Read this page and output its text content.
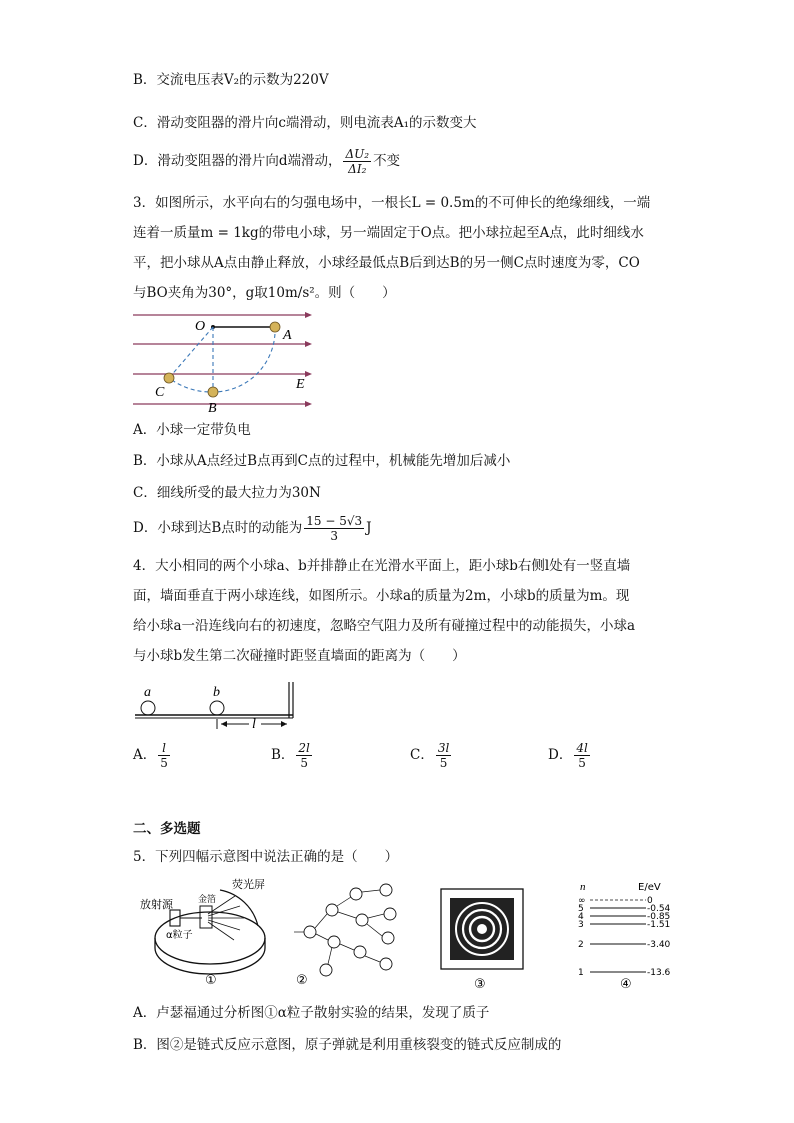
B．交流电压表V₂的示数为220V
C．滑动变阻器的滑片向c端滑动，则电流表A₁的示数变大
D．滑动变阻器的滑片向d端滑动， $\frac{\text{ΔU₂}}{\text{ΔI₂}}$ 不变
3．如图所示，水平向右的匀强电场中，一根长L = 0.5m的不可伸长的绝缘细线，一端
连着一质量m = 1kg的带电小球，另一端固定于O点。把小球拉起至A点，此时细线水
平，把小球从A点由静止释放，小球经最低点B后到达B的另一侧C点时速度为零，CO
与BO夹角为30°，g取10m/s²。则（　　）
O
A
C
B
E
A．小球一定带负电
B．小球从A点经过B点再到C点的过程中，机械能先增加后减小
C．细线所受的最大拉力为30N
D．小球到达B点时的动能为 $\frac{15 - 5√3}{3}$ J
4．大小相同的两个小球a、b并排静止在光滑水平面上，距小球b右侧l处有一竖直墙
面，墙面垂直于两小球连线，如图所示。小球a的质量为2m，小球b的质量为m。现
给小球a一沿连线向右的初速度，忽略空气阻力及所有碰撞过程中的动能损失，小球a
与小球b发生第二次碰撞时距竖直墙面的距离为（　　）
a	b
l
A． $\frac{l}{5}$	B． $\frac{2l}{5}$	C． $\frac{3l}{5}$	D． $\frac{4l}{5}$
二、多选题
5．下列四幅示意图中说法正确的是（　　）
放射源
荧光屏
金箔
α粒子
①	②	③
n	E/eV
∞	0
5	-0.54
4	-0.85
3	-1.51
2	-3.40
1	-13.6
④
A．卢瑟福通过分析图①α粒子散射实验的结果，发现了质子
B．图②是链式反应示意图，原子弹就是利用重核裂变的链式反应制成的
